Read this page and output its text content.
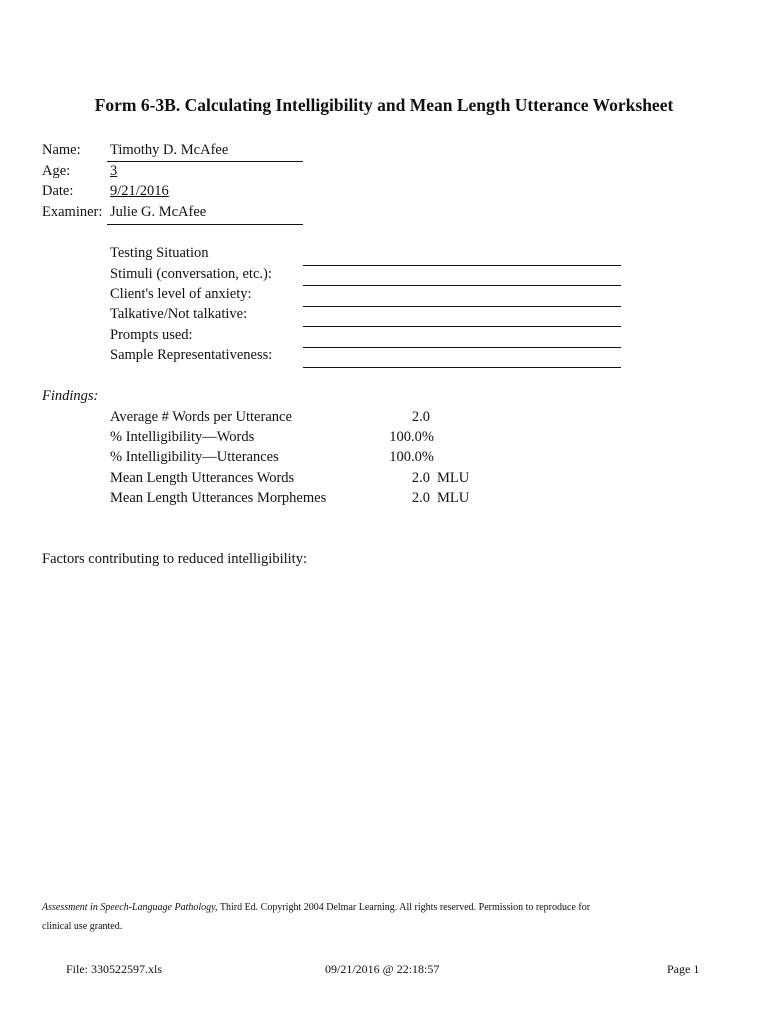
Form 6-3B. Calculating Intelligibility and Mean Length Utterance Worksheet
Name: Timothy D. McAfee
Age:	3
Date:	9/21/2016
Examiner: Julie G. McAfee
Testing Situation
Stimuli (conversation, etc.):
Client's level of anxiety:
Talkative/Not talkative:
Prompts used:
Sample Representativeness:
Findings:
Average # Words per Utterance	2.0
% Intelligibility—Words	100.0%
% Intelligibility—Utterances	100.0%
Mean Length Utterances Words	2.0 MLU
Mean Length Utterances Morphemes	2.0 MLU
Factors contributing to reduced intelligibility:
Assessment in Speech-Language Pathology, Third Ed. Copyright 2004 Delmar Learning. All rights reserved. Permission to reproduce for
clinical use granted.
File: 330522597.xls	09/21/2016 @ 22:18:57	Page 1
